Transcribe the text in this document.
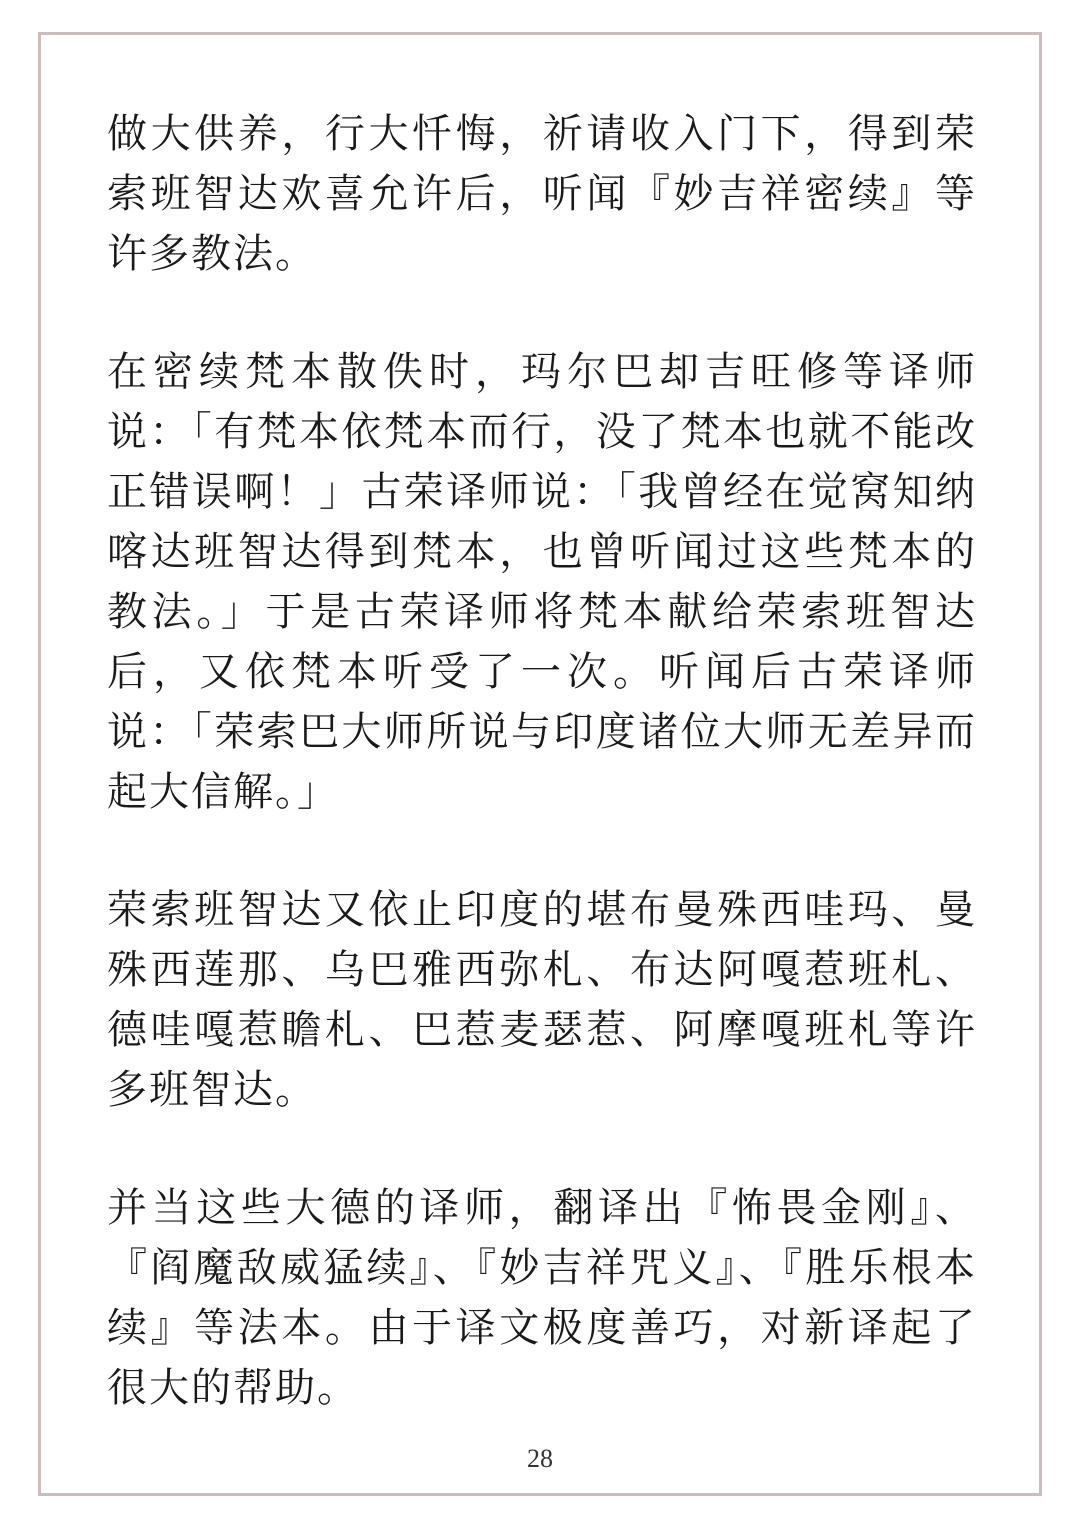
做大供养，行大忏悔，祈请收入门下，得到荣索班智达欢喜允许后，听闻『妙吉祥密续』等许多教法。

在密续梵本散佚时，玛尔巴却吉旺修等译师说：「有梵本依梵本而行，没了梵本也就不能改正错误啊！」古荣译师说：「我曾经在觉窝知纳喀达班智达得到梵本，也曾听闻过这些梵本的教法。」于是古荣译师将梵本献给荣索班智达后，又依梵本听受了一次。听闻后古荣译师说：「荣索巴大师所说与印度诸位大师无差异而起大信解。」

荣索班智达又依止印度的堪布曼殊西哇玛、曼殊西莲那、乌巴雅西弥札、布达阿嘎惹班札、德哇嘎惹瞻札、巴惹麦瑟惹、阿摩嘎班札等许多班智达。

并当这些大德的译师，翻译出『怖畏金刚』、『阎魔敌威猛续』、『妙吉祥咒义』、『胜乐根本续』等法本。由于译文极度善巧，对新译起了很大的帮助。

28
